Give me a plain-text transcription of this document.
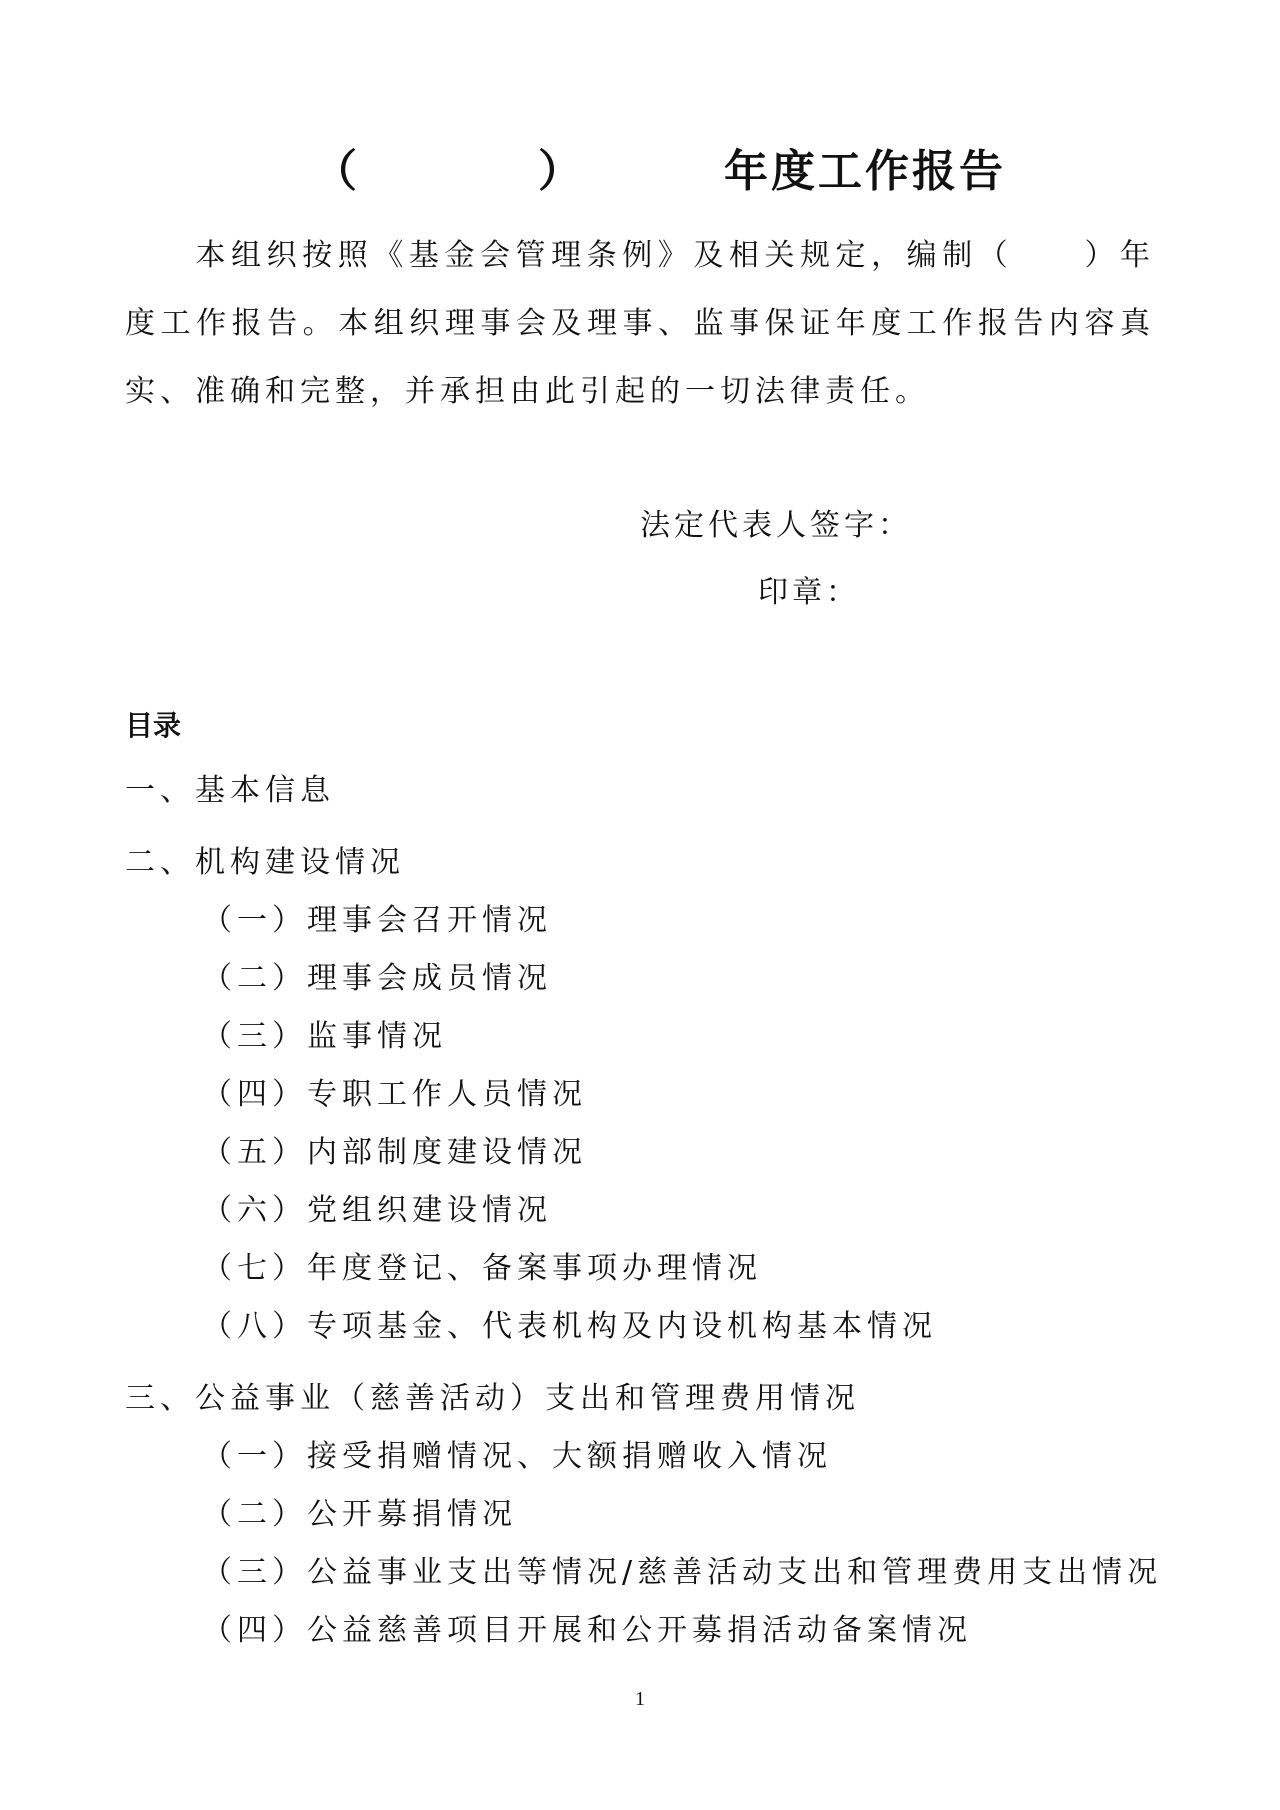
（	）	年度工作报告
本组织按照《基金会管理条例》及相关规定，编制（　　）年度工作报告。本组织理事会及理事、监事保证年度工作报告内容真实、准确和完整，并承担由此引起的一切法律责任。
法定代表人签字：
印章：
目录
一、基本信息
二、机构建设情况
（一）理事会召开情况
（二）理事会成员情况
（三）监事情况
（四）专职工作人员情况
（五）内部制度建设情况
（六）党组织建设情况
（七）年度登记、备案事项办理情况
（八）专项基金、代表机构及内设机构基本情况
三、公益事业（慈善活动）支出和管理费用情况
（一）接受捐赠情况、大额捐赠收入情况
（二）公开募捐情况
（三）公益事业支出等情况/慈善活动支出和管理费用支出情况
（四）公益慈善项目开展和公开募捐活动备案情况
1
